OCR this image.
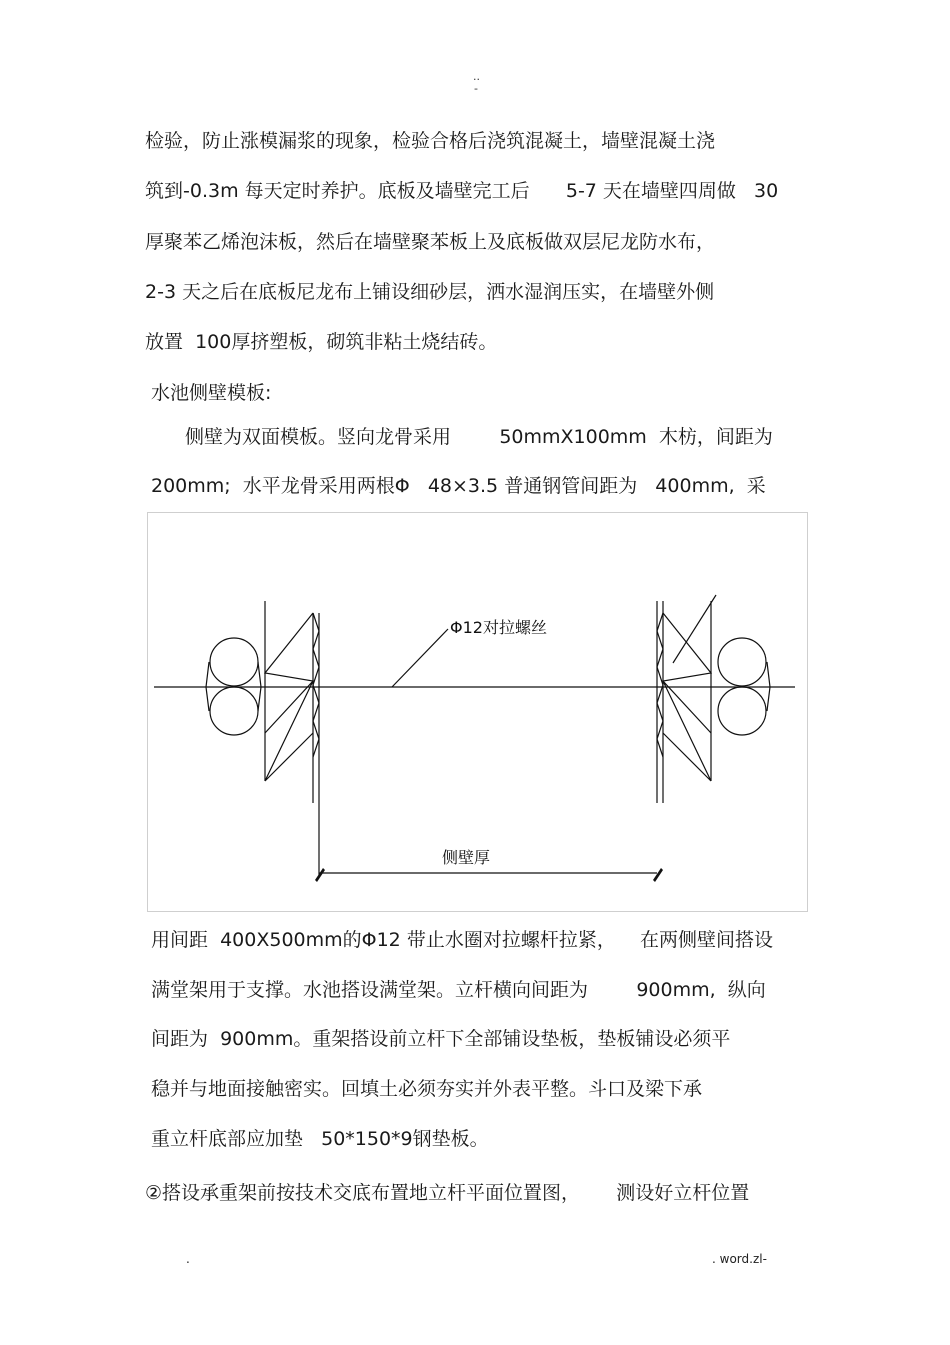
..
-
检验，防止涨模漏浆的现象，检验合格后浇筑混凝土，墙壁混凝土浇
筑到-0.3m 每天定时养护。底板及墙壁完工后      5-7 天在墙壁四周做   30
厚聚苯乙烯泡沫板，然后在墙壁聚苯板上及底板做双层尼龙防水布，
2-3 天之后在底板尼龙布上铺设细砂层，洒水湿润压实，在墙壁外侧
放置  100厚挤塑板，砌筑非粘土烧结砖。
水池侧壁模板:
侧壁为双面模板。竖向龙骨采用        50mmX100mm  木枋，间距为
200mm;  水平龙骨采用两根Φ   48×3.5 普通钢管间距为   400mm,  采
Φ12对拉螺丝
侧壁厚
用间距  400X500mm的Φ12 带止水圈对拉螺杆拉紧，    在两侧壁间搭设
满堂架用于支撑。水池搭设满堂架。立杆横向间距为        900mm,  纵向
间距为  900mm。重架搭设前立杆下全部铺设垫板，垫板铺设必须平
稳并与地面接触密实。回填土必须夯实并外表平整。斗口及梁下承
重立杆底部应加垫   50*150*9钢垫板。
②搭设承重架前按技术交底布置地立杆平面位置图，      测设好立杆位置
.	. word.zl-
